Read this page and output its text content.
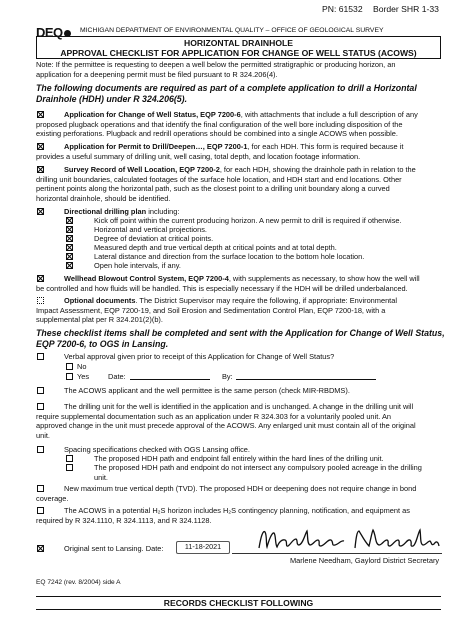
PN: 61532 Border SHR 1-33
DEQ	MICHIGAN DEPARTMENT OF ENVIRONMENTAL QUALITY – OFFICE OF GEOLOGICAL SURVEY
HORIZONTAL DRAINHOLE
APPROVAL CHECKLIST FOR APPLICATION FOR CHANGE OF WELL STATUS (ACOWS)
Note: If the permittee is requesting to deepen a well below the permitted stratigraphic or producing horizon, an
application for a deepening permit must be filed pursuant to R 324.206(4).
The following documents are required as part of a complete application to drill a Horizontal
Drainhole (HDH) under R 324.206(5).
Application for Change of Well Status, EQP 7200-6, with attachments that include a full description of any
proposed plugback operations and that identify the final configuration of the well bore including disposition of the
existing perforations. Plugback and redrill operations should be combined into a single ACOWS when possible.
Application for Permit to Drill/Deepen…, EQP 7200-1, for each HDH. This form is required because it
provides a useful summary of drilling unit, well casing, total depth, and location footage information.
Survey Record of Well Location, EQP 7200-2, for each HDH, showing the drainhole path in relation to the
drilling unit boundaries, calculated footages of the surface hole location, and HDH start and end locations. Other
pertinent points along the horizontal path, such as the closest point to a drilling unit boundary along a curved
horizontal drainhole, should be identified.
Directional drilling plan including:
Kick off point within the current producing horizon. A new permit to drill is required if otherwise.
Horizontal and vertical projections.
Degree of deviation at critical points.
Measured depth and true vertical depth at critical points and at total depth.
Lateral distance and direction from the surface location to the bottom hole location.
Open hole intervals, if any.
Wellhead Blowout Control System, EQP 7200-4, with supplements as necessary, to show how the well will
be controlled and how fluids will be handled. This is especially necessary if the HDH will be drilled underbalanced.
Optional documents. The District Supervisor may require the following, if appropriate: Environmental
Impact Assessment, EQP 7200-19, and Soil Erosion and Sedimentation Control Plan, EQP 7200-18, with a
supplemental plat per R 324.201(2)(b).
These checklist items shall be completed and sent with the Application for Change of Well Status,
EQP 7200-6, to OGS in Lansing.
Verbal approval given prior to receipt of this Application for Change of Well Status?
No
Yes	Date:	By:
The ACOWS applicant and the well permittee is the same person (check MIR-RBDMS).
The drilling unit for the well is identified in the application and is unchanged. A change in the drilling unit will
require supplemental documentation such as an application under R 324.303 for a voluntarily pooled unit. An
approved change in the unit must precede approval of the ACOWS. Any enlarged unit must contain all of the original
unit.
Spacing specifications checked with OGS Lansing office.
The proposed HDH path and endpoint fall entirely within the hard lines of the drilling unit.
The proposed HDH path and endpoint do not intersect any compulsory pooled acreage in the drilling
unit.
New maximum true vertical depth (TVD). The proposed HDH or deepening does not require change in bond
coverage.
The ACOWS in a potential H₂S horizon includes H₂S contingency planning, notification, and equipment as
required by R 324.1110, R 324.1113, and R 324.1128.
Original sent to Lansing. Date:	11-18-2021
Marlene Needham, Gaylord District Secretary
EQ 7242 (rev. 8/2004) side A
RECORDS CHECKLIST FOLLOWING
